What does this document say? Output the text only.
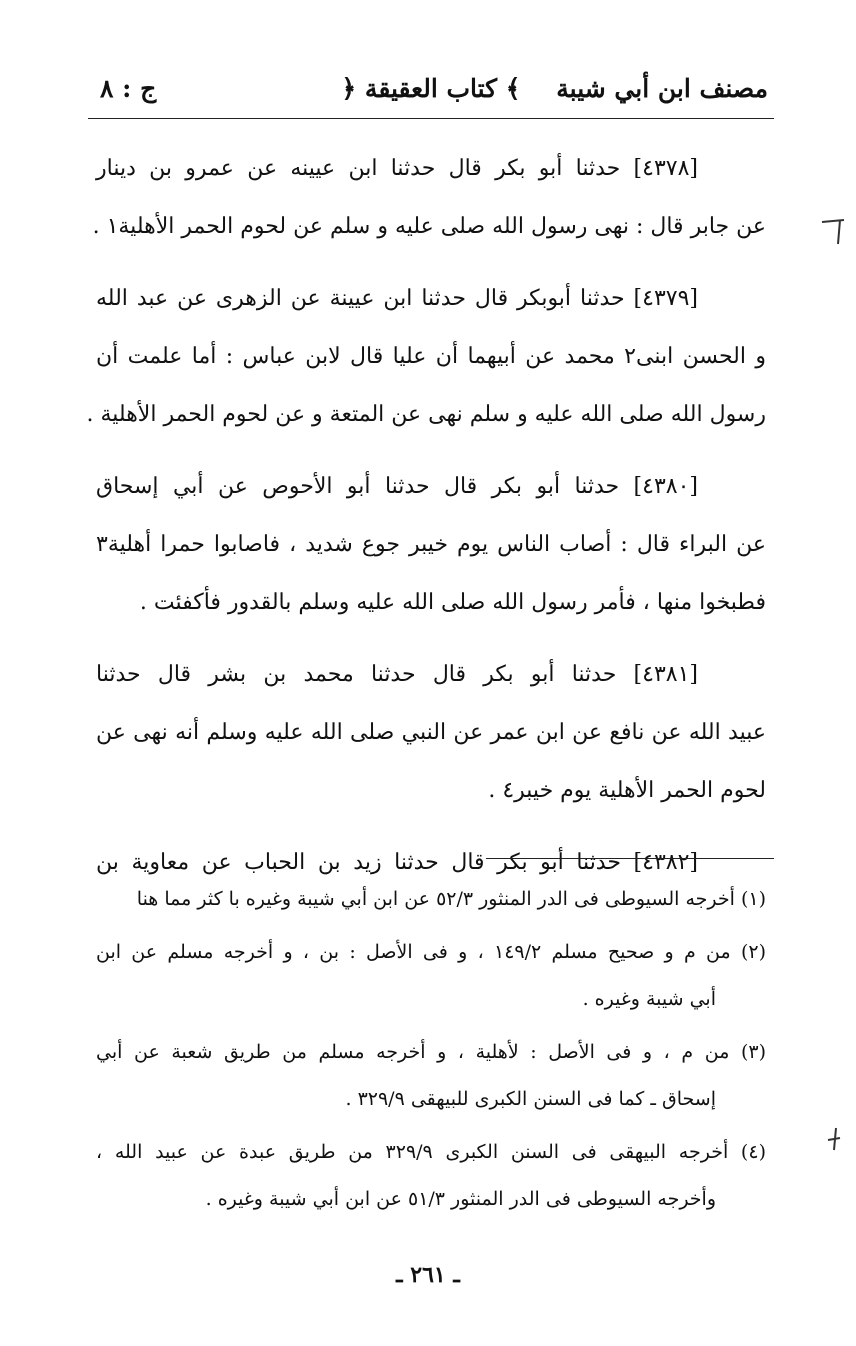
مصنف ابن أبي شيبة
﴿ كتاب العقيقة ﴾
ج : ٨
[٤٣٧٨] حدثنا أبو بكر قال حدثنا ابن عيينه عن عمرو بن دينار
عن جابر قال : نهى رسول الله صلى عليه و سلم عن لحوم الحمر الأهلية١ .
[٤٣٧٩] حدثنا أبوبكر قال حدثنا ابن عيينة عن الزهرى عن عبد الله
و الحسن ابنى٢ محمد عن أبيهما أن عليا قال لابن عباس : أما علمت أن
رسول الله صلى الله عليه و سلم نهى عن المتعة و عن لحوم الحمر الأهلية .
[٤٣٨٠] حدثنا أبو بكر قال حدثنا أبو الأحوص عن أبي إسحاق
عن البراء قال : أصاب الناس يوم خيبر جوع شديد ، فاصابوا حمرا أهلية٣
فطبخوا منها ، فأمر رسول الله صلى الله عليه وسلم بالقدور فأكفئت .
[٤٣٨١] حدثنا أبو بكر قال حدثنا محمد بن بشر قال حدثنا
عبيد الله عن نافع عن ابن عمر عن النبي صلى الله عليه وسلم أنه نهى عن
لحوم الحمر الأهلية يوم خيبر٤ .
[٤٣٨٢] حدثنا أبو بكر قال حدثنا زيد بن الحباب عن معاوية بن
(١) أخرجه السيوطى فى الدر المنثور ٥٢/٣ عن ابن أبي شيبة وغيره با كثر مما هنا
(٢) من م و صحيح مسلم ١٤٩/٢ ، و فى الأصل : بن ، و أخرجه مسلم عن ابن
أبي شيبة وغيره .
(٣) من م ، و فى الأصل : لأهلية ، و أخرجه مسلم من طريق شعبة عن أبي
إسحاق ـ كما فى السنن الكبرى للبيهقى ٣٢٩/٩ .
(٤) أخرجه البيهقى فى السنن الكبرى ٣٢٩/٩ من طريق عبدة عن عبيد الله ،
وأخرجه السيوطى فى الدر المنثور ٥١/٣ عن ابن أبي شيبة وغيره .
ـ ٢٦١ ـ
